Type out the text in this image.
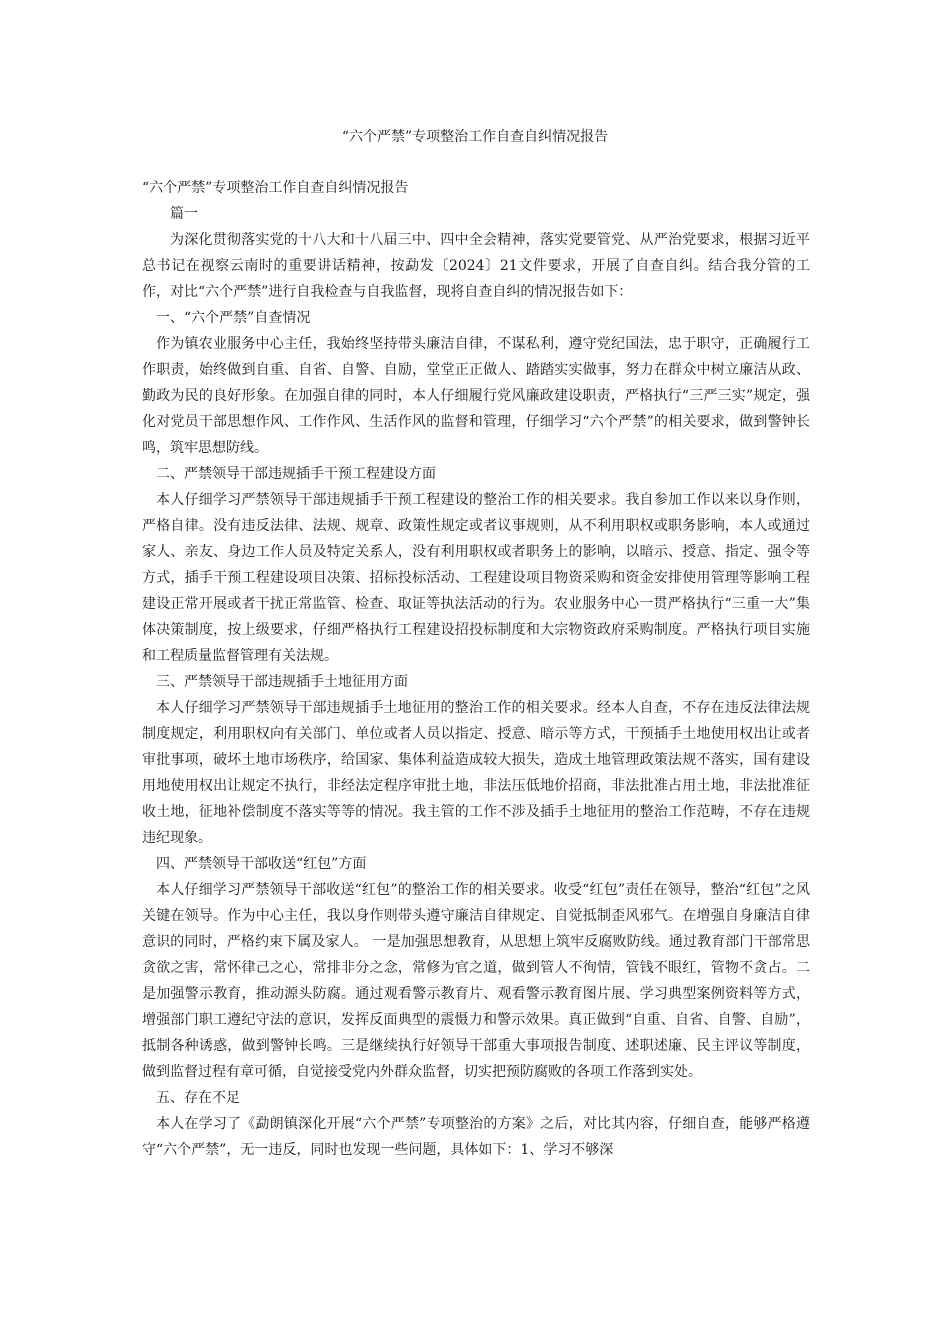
“六个严禁”专项整治工作自查自纠情况报告

“六个严禁”专项整治工作自查自纠情况报告

篇一

为深化贯彻落实党的十八大和十八届三中、四中全会精神，落实党要管党、从严治党要求，根据习近平总书记在视察云南时的重要讲话精神，按勐发〔2024〕21文件要求，开展了自查自纠。结合我分管的工作，对比“六个严禁”进行自我检查与自我监督，现将自查自纠的情况报告如下：

一、“六个严禁”自查情况

作为镇农业服务中心主任，我始终坚持带头廉洁自律，不谋私利，遵守党纪国法，忠于职守，正确履行工作职责，始终做到自重、自省、自警、自励，堂堂正正做人、踏踏实实做事，努力在群众中树立廉洁从政、勤政为民的良好形象。在加强自律的同时，本人仔细履行党风廉政建设职责，严格执行“三严三实”规定，强化对党员干部思想作风、工作作风、生活作风的监督和管理，仔细学习“六个严禁”的相关要求，做到警钟长鸣，筑牢思想防线。

二、严禁领导干部违规插手干预工程建设方面

本人仔细学习严禁领导干部违规插手干预工程建设的整治工作的相关要求。我自参加工作以来以身作则，严格自律。没有违反法律、法规、规章、政策性规定或者议事规则，从不利用职权或职务影响，本人或通过家人、亲友、身边工作人员及特定关系人，没有利用职权或者职务上的影响，以暗示、授意、指定、强令等方式，插手干预工程建设项目决策、招标投标活动、工程建设项目物资采购和资金安排使用管理等影响工程建设正常开展或者干扰正常监管、检查、取证等执法活动的行为。农业服务中心一贯严格执行“三重一大”集体决策制度，按上级要求，仔细严格执行工程建设招投标制度和大宗物资政府采购制度。严格执行项目实施和工程质量监督管理有关法规。

三、严禁领导干部违规插手土地征用方面

本人仔细学习严禁领导干部违规插手土地征用的整治工作的相关要求。经本人自查，不存在违反法律法规制度规定，利用职权向有关部门、单位或者人员以指定、授意、暗示等方式，干预插手土地使用权出让或者审批事项，破坏土地市场秩序，给国家、集体利益造成较大损失，造成土地管理政策法规不落实，国有建设用地使用权出让规定不执行，非经法定程序审批土地，非法压低地价招商，非法批准占用土地，非法批准征收土地，征地补偿制度不落实等等的情况。我主管的工作不涉及插手土地征用的整治工作范畴，不存在违规违纪现象。

四、严禁领导干部收送“红包”方面

本人仔细学习严禁领导干部收送“红包”的整治工作的相关要求。收受“红包”责任在领导，整治“红包”之风关键在领导。作为中心主任，我以身作则带头遵守廉洁自律规定、自觉抵制歪风邪气。在增强自身廉洁自律意识的同时，严格约束下属及家人。 一是加强思想教育，从思想上筑牢反腐败防线。通过教育部门干部常思贪欲之害，常怀律己之心，常排非分之念，常修为官之道，做到管人不徇情，管钱不眼红，管物不贪占。二是加强警示教育，推动源头防腐。通过观看警示教育片、观看警示教育图片展、学习典型案例资料等方式，增强部门职工遵纪守法的意识，发挥反面典型的震慑力和警示效果。真正做到“自重、自省、自警、自励”，抵制各种诱惑，做到警钟长鸣。三是继续执行好领导干部重大事项报告制度、述职述廉、民主评议等制度，做到监督过程有章可循，自觉接受党内外群众监督，切实把预防腐败的各项工作落到实处。

五、存在不足

本人在学习了《勐朗镇深化开展“六个严禁”专项整治的方案》之后，对比其内容，仔细自查，能够严格遵守“六个严禁”，无一违反，同时也发现一些问题，具体如下：1、学习不够深
